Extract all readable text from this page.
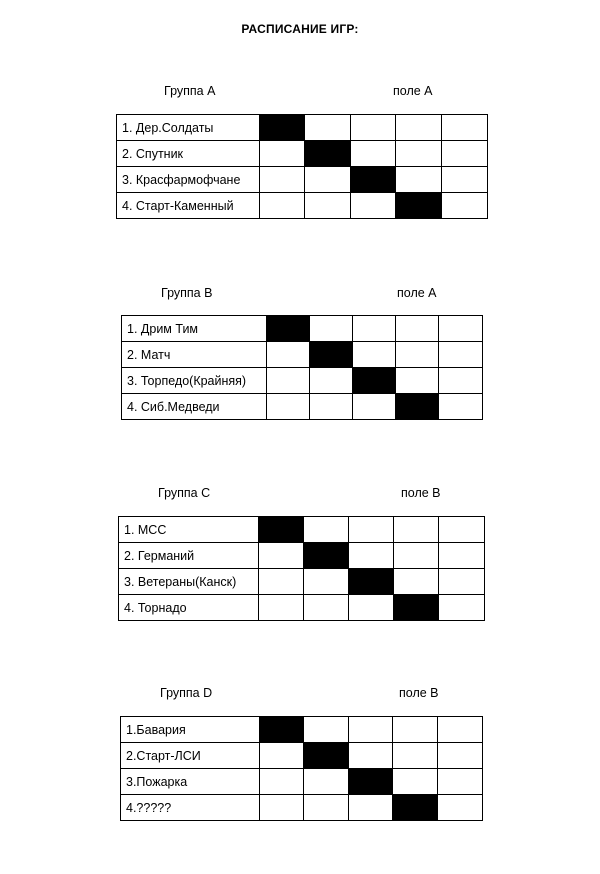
РАСПИСАНИЕ ИГР:
Группа А	поле А
1. Дер.Солдаты					
2. Спутник					
3. Красфармофчане					
4. Старт-Каменный					
Группа В	поле А
1. Дрим Тим					
2. Матч					
3. Торпедо(Крайняя)					
4. Сиб.Медведи					
Группа С	поле В
1. МСС					
2. Германий					
3. Ветераны(Канск)					
4. Торнадо					
Группа D	поле В
1.Бавария					
2.Старт-ЛСИ					
3.Пожарка					
4.?????					
